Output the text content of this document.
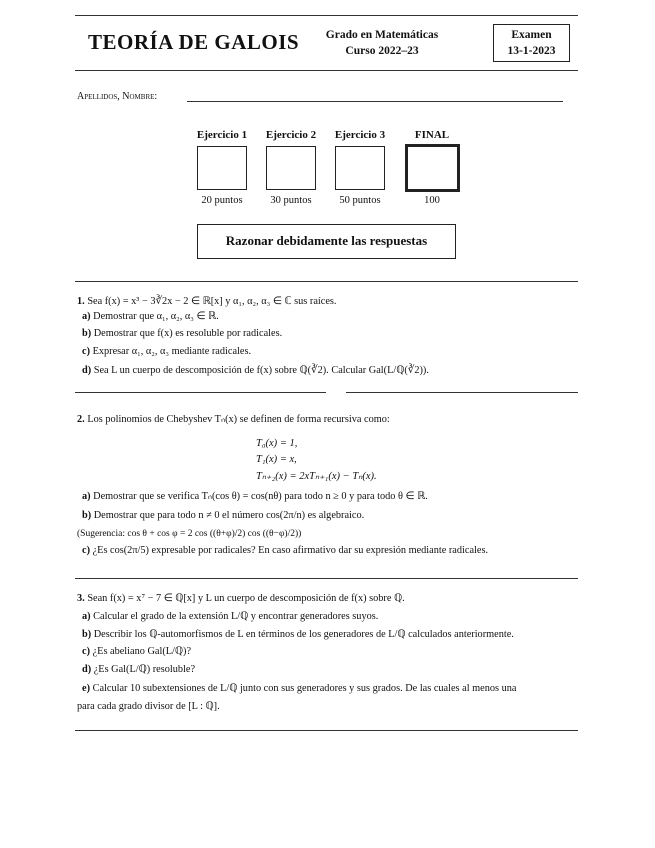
TEORÍA DE GALOIS	Grado en Matemáticas
Curso 2022–23
Examen
13-1-2023
Apellidos, Nombre:
Ejercicio 1	Ejercicio 2	Ejercicio 3	FINAL
20 puntos	30 puntos	50 puntos	100
Razonar debidamente las respuestas
1. Sea f(x) = x³ − 3∛2x − 2 ∈ ℝ[x] y α₁, α₂, α₃ ∈ ℂ sus raíces.
a) Demostrar que α₁, α₂, α₃ ∈ ℝ.
b) Demostrar que f(x) es resoluble por radicales.
c) Expresar α₁, α₂, α₃ mediante radicales.
d) Sea L un cuerpo de descomposición de f(x) sobre ℚ(∛2). Calcular Gal(L/ℚ(∛2)).
2. Los polinomios de Chebyshev Tₙ(x) se definen de forma recursiva como:
T₀(x) = 1,
T₁(x) = x,
Tₙ₊₂(x) = 2xTₙ₊₁(x) − Tₙ(x).
a) Demostrar que se verifica Tₙ(cos θ) = cos(nθ) para todo n ≥ 0 y para todo θ ∈ ℝ.
b) Demostrar que para todo n ≠ 0 el número cos(2π/n) es algebraico.
(Sugerencia: cos θ + cos φ = 2 cos ((θ+φ)/2) cos ((θ−φ)/2))
c) ¿Es cos(2π/5) expresable por radicales? En caso afirmativo dar su expresión mediante radicales.
3. Sean f(x) = x⁷ − 7 ∈ ℚ[x] y L un cuerpo de descomposición de f(x) sobre ℚ.
a) Calcular el grado de la extensión L/ℚ y encontrar generadores suyos.
b) Describir los ℚ-automorfismos de L en términos de los generadores de L/ℚ calculados anteriormente.
c) ¿Es abeliano Gal(L/ℚ)?
d) ¿Es Gal(L/ℚ) resoluble?
e) Calcular 10 subextensiones de L/ℚ junto con sus generadores y sus grados. De las cuales al menos una
para cada grado divisor de [L : ℚ].
